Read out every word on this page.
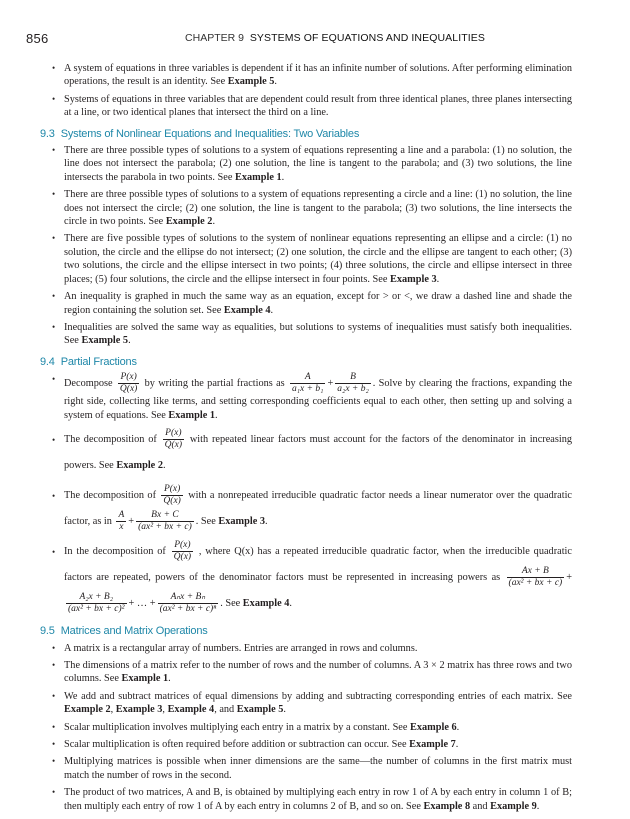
856	CHAPTER 9 SYSTEMS OF EQUATIONS AND INEQUALITIES
• A system of equations in three variables is dependent if it has an infinite number of solutions. After performing elimination operations, the result is an identity. See Example 5.
• Systems of equations in three variables that are dependent could result from three identical planes, three planes intersecting at a line, or two identical planes that intersect the third on a line.
9.3 Systems of Nonlinear Equations and Inequalities: Two Variables
• There are three possible types of solutions to a system of equations representing a line and a parabola: (1) no solution, the line does not intersect the parabola; (2) one solution, the line is tangent to the parabola; and (3) two solutions, the line intersects the parabola in two points. See Example 1.
• There are three possible types of solutions to a system of equations representing a circle and a line: (1) no solution, the line does not intersect the circle; (2) one solution, the line is tangent to the parabola; (3) two solutions, the line intersects the circle in two points. See Example 2.
• There are five possible types of solutions to the system of nonlinear equations representing an ellipse and a circle: (1) no solution, the circle and the ellipse do not intersect; (2) one solution, the circle and the ellipse are tangent to each other; (3) two solutions, the circle and the ellipse intersect in two points; (4) three solutions, the circle and ellipse intersect in three places; (5) four solutions, the circle and the ellipse intersect in four points. See Example 3.
• An inequality is graphed in much the same way as an equation, except for > or <, we draw a dashed line and shade the region containing the solution set. See Example 4.
• Inequalities are solved the same way as equalities, but solutions to systems of inequalities must satisfy both inequalities. See Example 5.
9.4 Partial Fractions
• Decompose $\frac{P(x)}{Q(x)}$ by writing the partial fractions as $\frac{A}{\text{a₁x + b₁}} + \frac{B}{\text{a₂x + b₂}}$ . Solve by clearing the fractions, expanding the right side, collecting like terms, and setting corresponding coefficients equal to each other, then setting up and solving a system of equations. See Example 1.
• The decomposition of $\frac{P(x)}{Q(x)}$ with repeated linear factors must account for the factors of the denominator in increasing powers. See Example 2.
• The decomposition of $\frac{P(x)}{Q(x)}$ with a nonrepeated irreducible quadratic factor needs a linear numerator over the quadratic factor, as in $\frac{A}{x} + \frac{Bx + C}{\text{(ax² + bx + c)}}$ . See Example 3.
• In the decomposition of $\frac{P(x)}{Q(x)}$ , where Q(x) has a repeated irreducible quadratic factor, when the irreducible quadratic factors are repeated, powers of the denominator factors must be represented in increasing powers as $\frac{Ax + B}{\text{(ax² + bx + c)}}$ +
$\frac{\text{A₂x + B₂}}{\text{(ax² + bx + c)²}}$ + … + $\frac{\text{Aₙx + Bₙ}}{\text{(ax² + bx + c)ⁿ}}$ . See Example 4.
9.5 Matrices and Matrix Operations
• A matrix is a rectangular array of numbers. Entries are arranged in rows and columns.
• The dimensions of a matrix refer to the number of rows and the number of columns. A 3 × 2 matrix has three rows and two columns. See Example 1.
• We add and subtract matrices of equal dimensions by adding and subtracting corresponding entries of each matrix. See Example 2, Example 3, Example 4, and Example 5.
• Scalar multiplication involves multiplying each entry in a matrix by a constant. See Example 6.
• Scalar multiplication is often required before addition or subtraction can occur. See Example 7.
• Multiplying matrices is possible when inner dimensions are the same—the number of columns in the first matrix must match the number of rows in the second.
• The product of two matrices, A and B, is obtained by multiplying each entry in row 1 of A by each entry in column 1 of B; then multiply each entry of row 1 of A by each entry in columns 2 of B, and so on. See Example 8 and Example 9.
